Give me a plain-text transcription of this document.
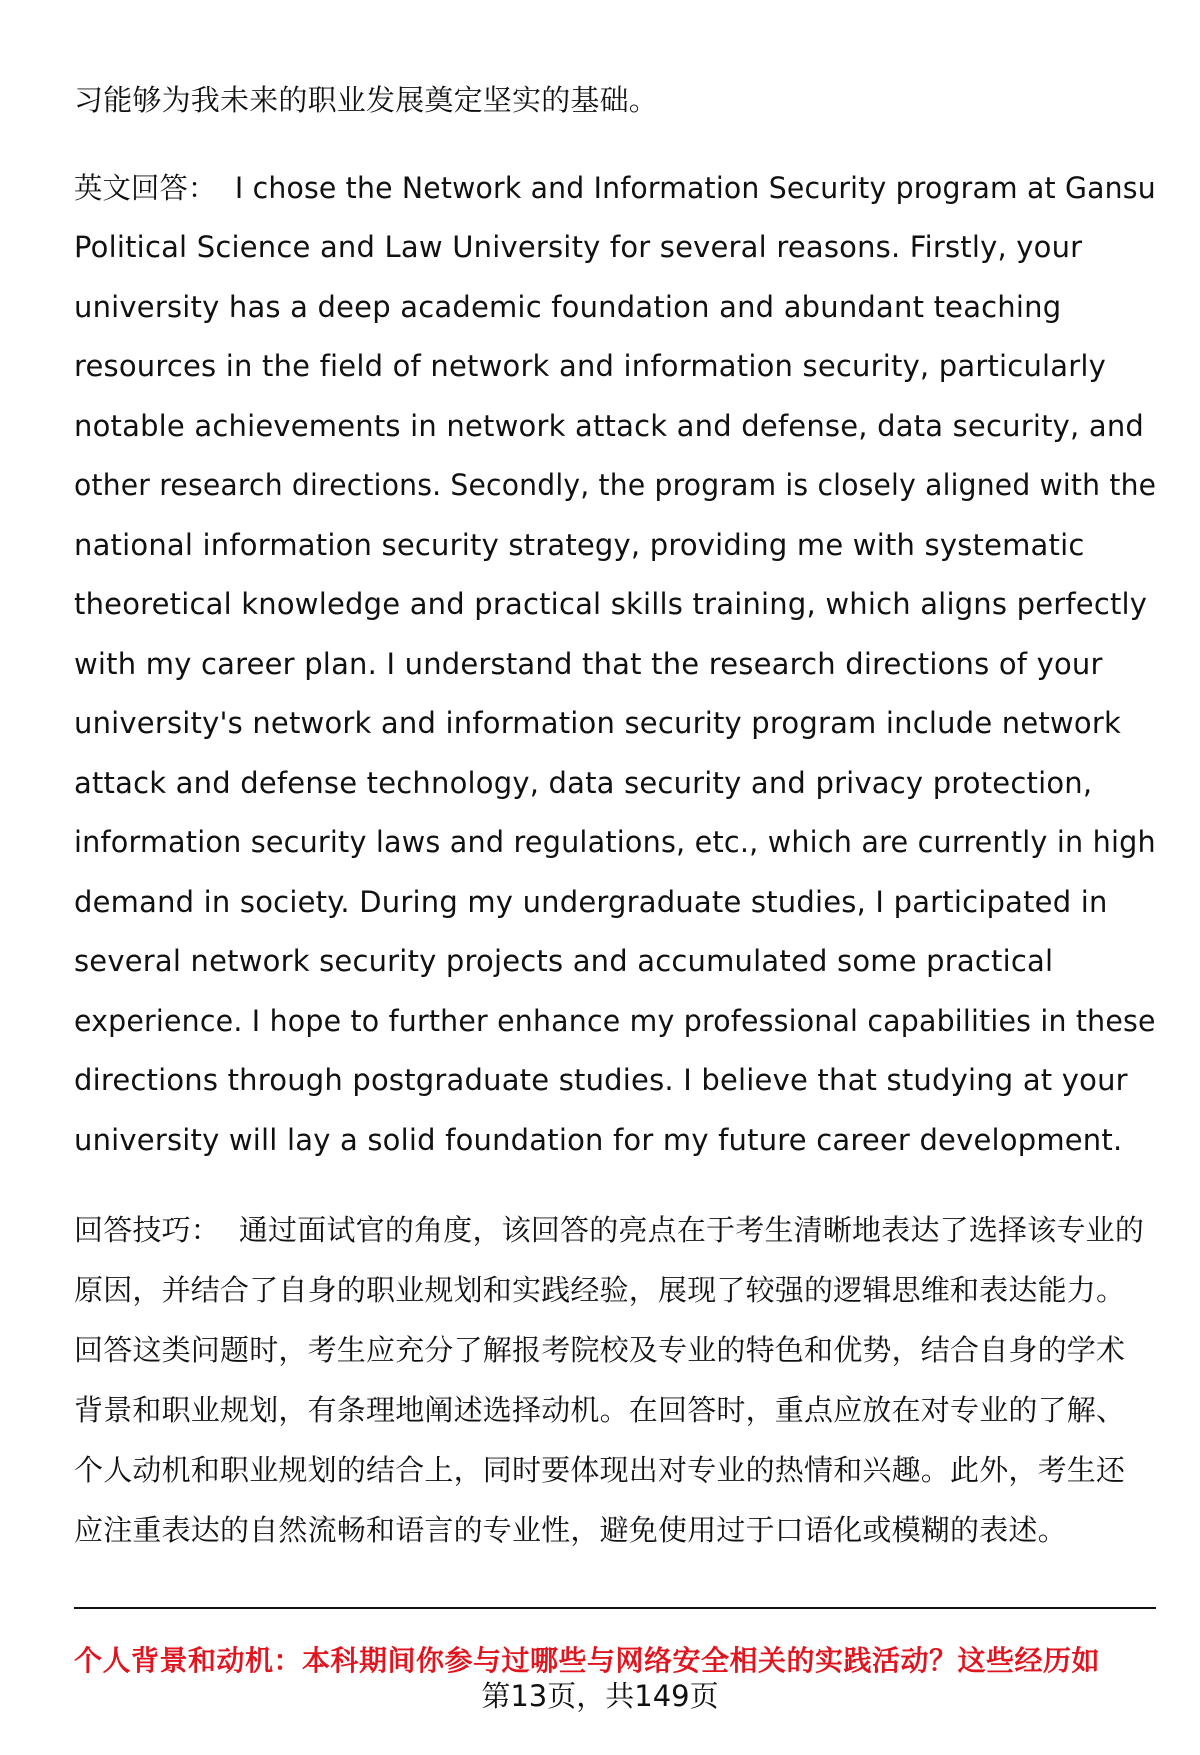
习能够为我未来的职业发展奠定坚实的基础。
英文回答： I chose the Network and Information Security program at Gansu
Political Science and Law University for several reasons. Firstly, your
university has a deep academic foundation and abundant teaching
resources in the field of network and information security, particularly
notable achievements in network attack and defense, data security, and
other research directions. Secondly, the program is closely aligned with the
national information security strategy, providing me with systematic
theoretical knowledge and practical skills training, which aligns perfectly
with my career plan. I understand that the research directions of your
university's network and information security program include network
attack and defense technology, data security and privacy protection,
information security laws and regulations, etc., which are currently in high
demand in society. During my undergraduate studies, I participated in
several network security projects and accumulated some practical
experience. I hope to further enhance my professional capabilities in these
directions through postgraduate studies. I believe that studying at your
university will lay a solid foundation for my future career development.
回答技巧： 通过面试官的角度，该回答的亮点在于考生清晰地表达了选择该专业的
原因，并结合了自身的职业规划和实践经验，展现了较强的逻辑思维和表达能力。
回答这类问题时，考生应充分了解报考院校及专业的特色和优势，结合自身的学术
背景和职业规划，有条理地阐述选择动机。在回答时，重点应放在对专业的了解、
个人动机和职业规划的结合上，同时要体现出对专业的热情和兴趣。此外，考生还
应注重表达的自然流畅和语言的专业性，避免使用过于口语化或模糊的表述。
个人背景和动机：本科期间你参与过哪些与网络安全相关的实践活动？这些经历如
第13页，共149页
